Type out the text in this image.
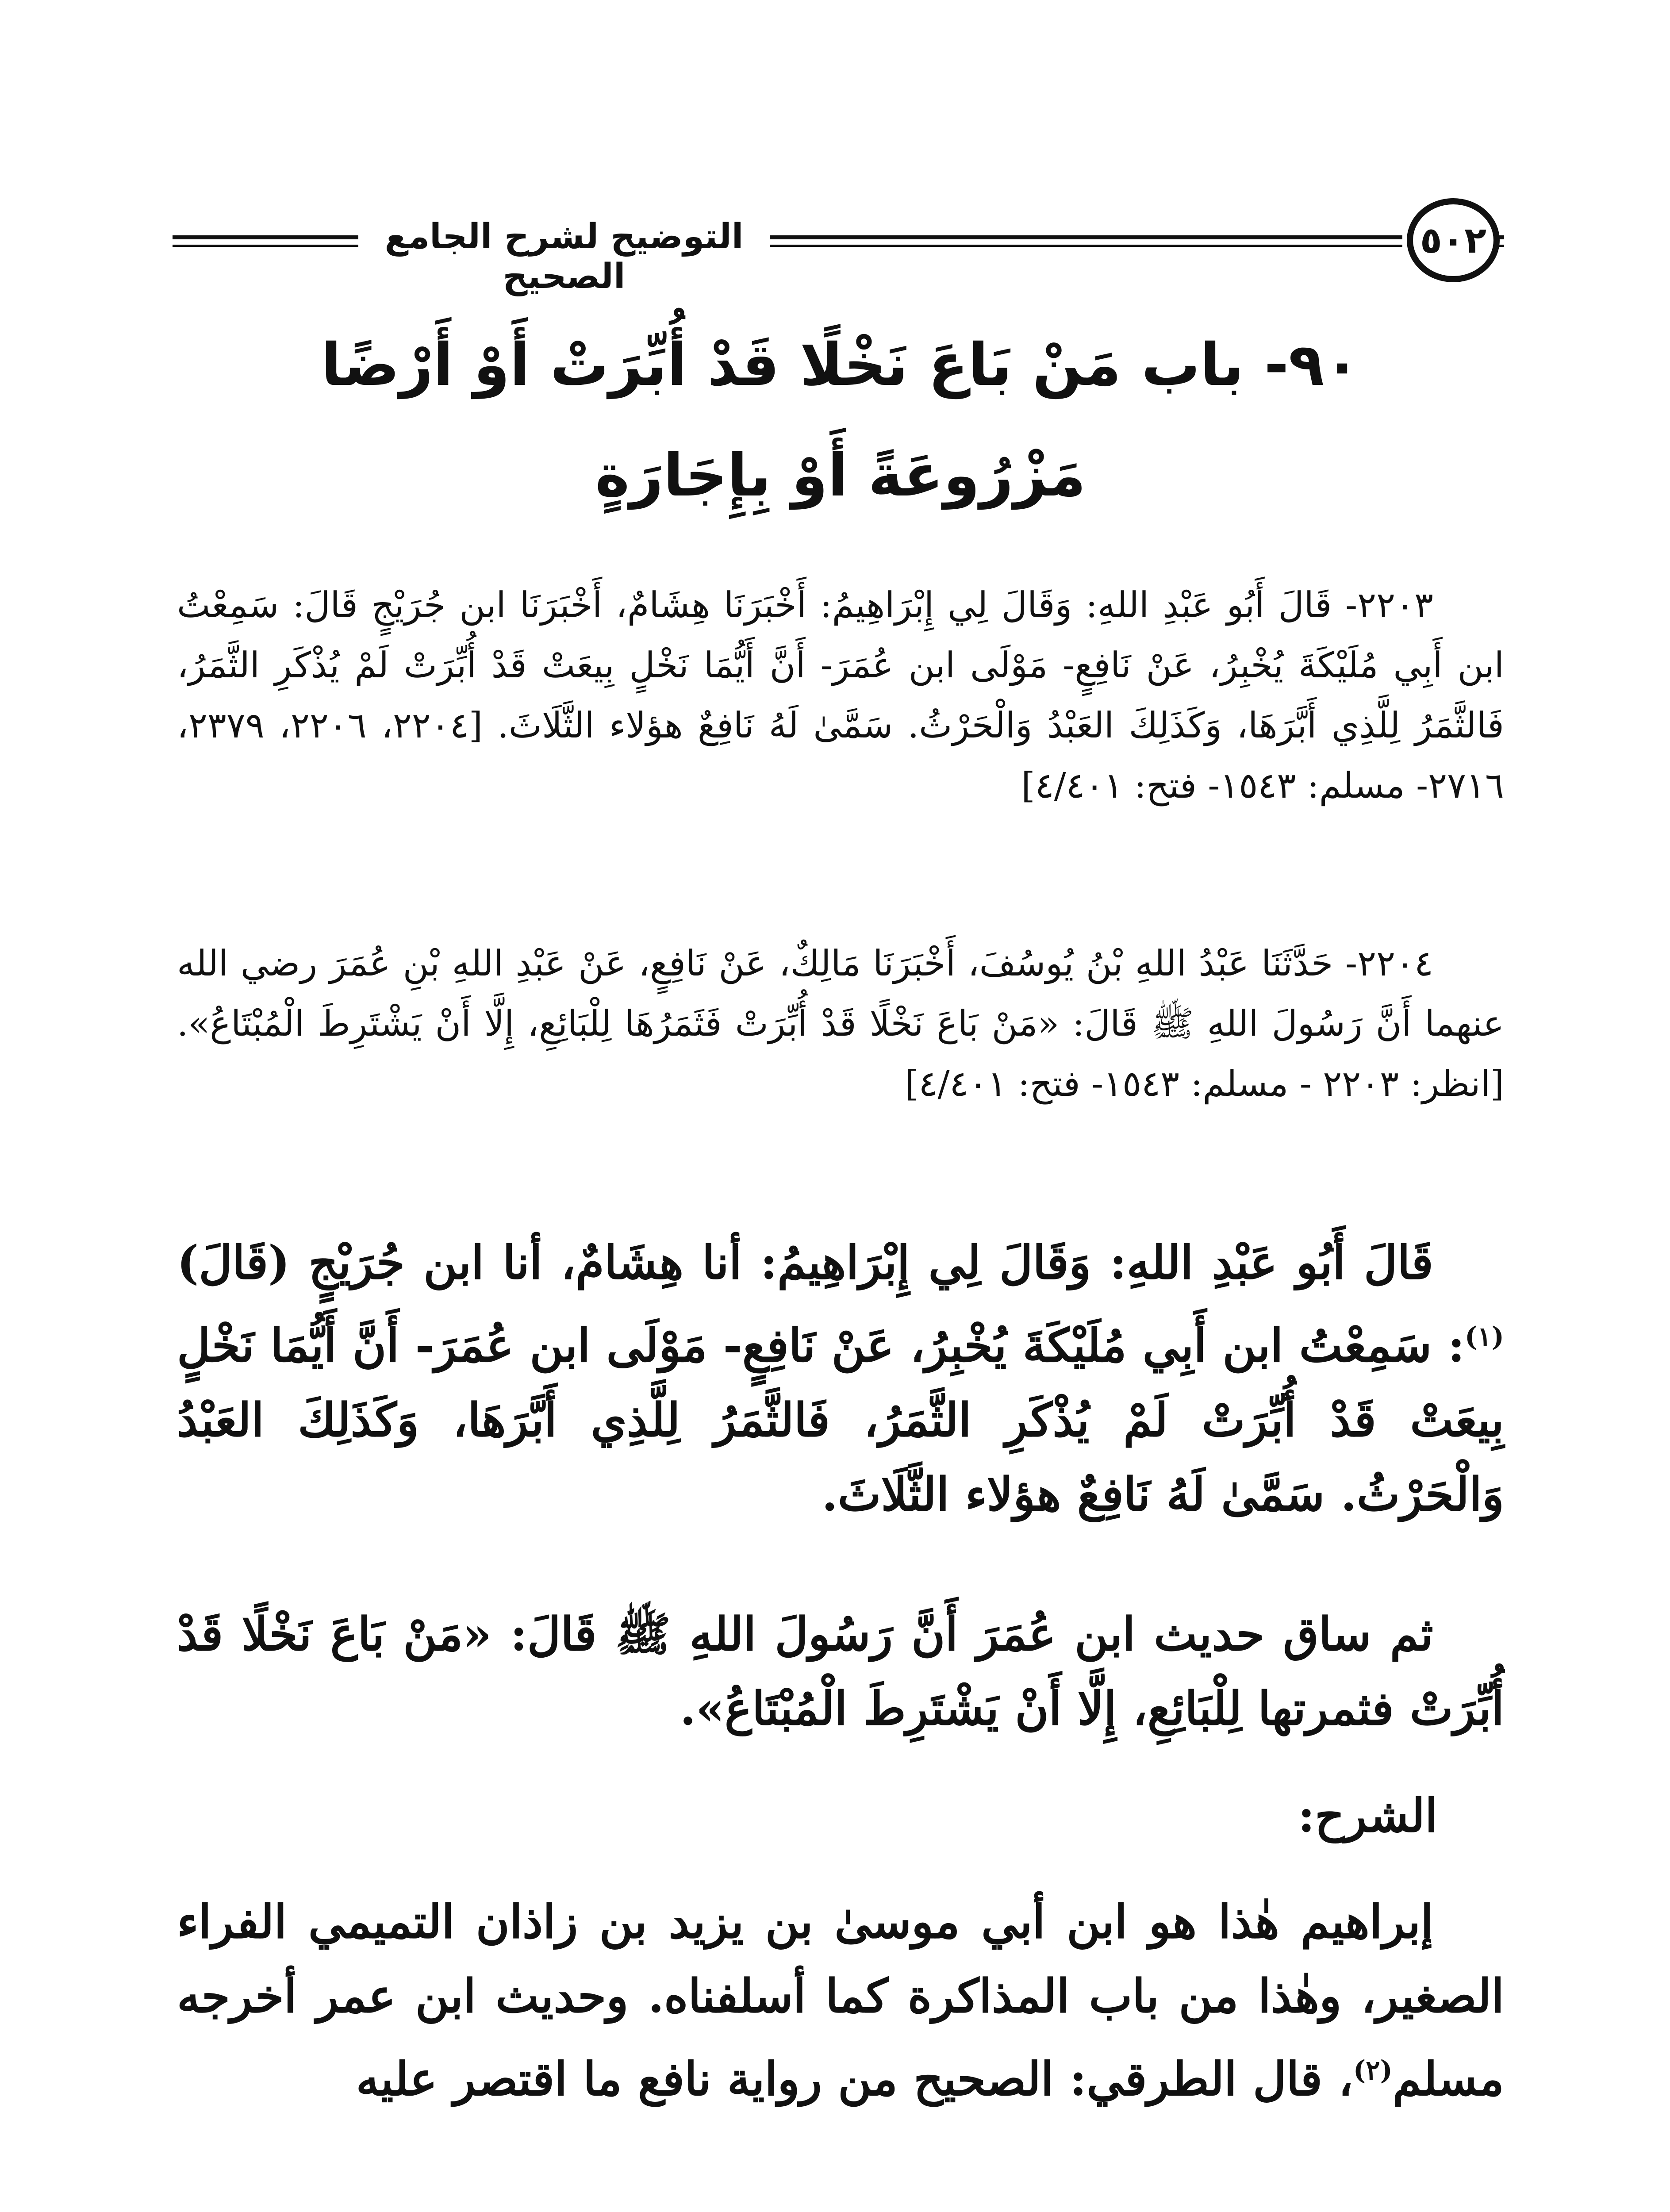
التوضيح لشرح الجامع الصحيح
٥٠٢
٩٠- باب مَنْ بَاعَ نَخْلًا قَدْ أُبِّرَتْ أَوْ أَرْضًا
مَزْرُوعَةً أَوْ بِإِجَارَةٍ
٢٢٠٣- قَالَ أَبُو عَبْدِ اللهِ: وَقَالَ لِي إِبْرَاهِيمُ: أَخْبَرَنَا هِشَامٌ، أَخْبَرَنَا ابن جُرَيْجٍ قَالَ: سَمِعْتُ ابن أَبِي مُلَيْكَةَ يُخْبِرُ، عَنْ نَافِعٍ- مَوْلَى ابن عُمَرَ- أَنَّ أَيُّمَا نَخْلٍ بِيعَتْ قَدْ أُبِّرَتْ لَمْ يُذْكَرِ الثَّمَرُ، فَالثَّمَرُ لِلَّذِي أَبَّرَهَا، وَكَذَلِكَ العَبْدُ وَالْحَرْثُ. سَمَّىٰ لَهُ نَافِعٌ هؤلاء الثَّلَاثَ. [٢٢٠٤، ٢٢٠٦، ٢٣٧٩، ٢٧١٦- مسلم: ١٥٤٣- فتح: ٤/٤٠١]
٢٢٠٤- حَدَّثَنَا عَبْدُ اللهِ بْنُ يُوسُفَ، أَخْبَرَنَا مَالِكٌ، عَنْ نَافِعٍ، عَنْ عَبْدِ اللهِ بْنِ عُمَرَ رضي الله عنهما أَنَّ رَسُولَ اللهِ ﷺ قَالَ: «مَنْ بَاعَ نَخْلًا قَدْ أُبِّرَتْ فَثَمَرُهَا لِلْبَائِعِ، إِلَّا أَنْ يَشْتَرِطَ الْمُبْتَاعُ». [انظر: ٢٢٠٣ - مسلم: ١٥٤٣- فتح: ٤/٤٠١]
قَالَ أَبُو عَبْدِ اللهِ: وَقَالَ لِي إِبْرَاهِيمُ: أنا هِشَامٌ، أنا ابن جُرَيْجٍ (قَالَ)$^{(١)}$: سَمِعْتُ ابن أَبِي مُلَيْكَةَ يُخْبِرُ، عَنْ نَافِعٍ- مَوْلَى ابن عُمَرَ- أَنَّ أَيُّمَا نَخْلٍ بِيعَتْ قَدْ أُبِّرَتْ لَمْ يُذْكَرِ الثَّمَرُ، فَالثَّمَرُ لِلَّذِي أَبَّرَهَا، وَكَذَلِكَ العَبْدُ وَالْحَرْثُ. سَمَّىٰ لَهُ نَافِعٌ هؤلاء الثَّلَاثَ.
ثم ساق حديث ابن عُمَرَ أَنَّ رَسُولَ اللهِ ﷺ قَالَ: «مَنْ بَاعَ نَخْلًا قَدْ أُبِّرَتْ فثمرتها لِلْبَائِعِ، إِلَّا أَنْ يَشْتَرِطَ الْمُبْتَاعُ».
الشرح:
إبراهيم هٰذا هو ابن أبي موسىٰ بن يزيد بن زاذان التميمي الفراء الصغير، وهٰذا من باب المذاكرة كما أسلفناه. وحديث ابن عمر أخرجه مسلم$^{(٢)}$، قال الطرقي: الصحيح من رواية نافع ما اقتصر عليه
